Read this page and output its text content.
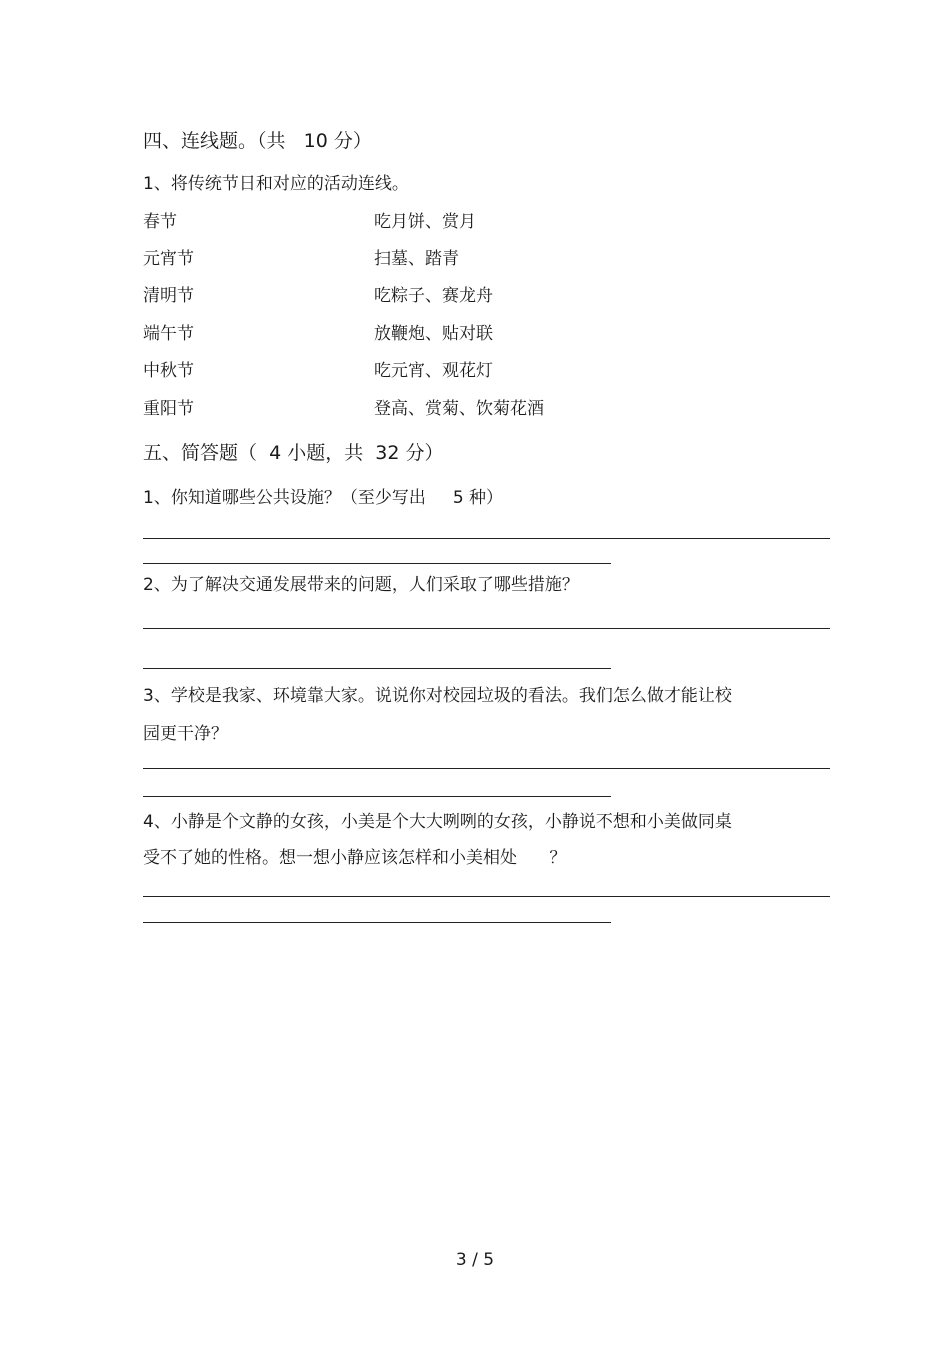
四、连线题。（共   10 分）
1、将传统节日和对应的活动连线。
春节
元宵节
清明节
端午节
中秋节
重阳节
吃月饼、赏月
扫墓、踏青
吃粽子、赛龙舟
放鞭炮、贴对联
吃元宵、观花灯
登高、赏菊、饮菊花酒
五、简答题（  4 小题，共  32 分）
1、你知道哪些公共设施？（至少写出     5 种）
2、为了解决交通发展带来的问题，人们采取了哪些措施？
3、学校是我家、环境靠大家。说说你对校园垃圾的看法。我们怎么做才能让校
园更干净？
4、小静是个文静的女孩，小美是个大大咧咧的女孩，小静说不想和小美做同桌
受不了她的性格。想一想小静应该怎样和小美相处      ？
3 / 5
